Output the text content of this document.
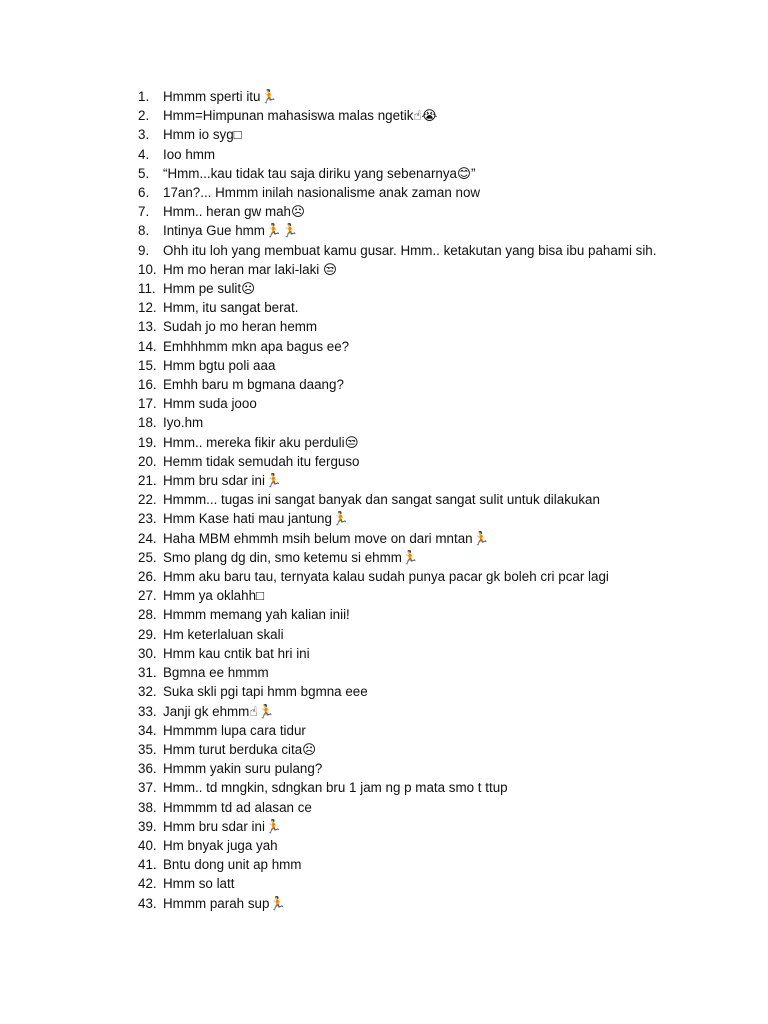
1.	Hmmm sperti itu🏃
2.	Hmm=Himpunan mahasiswa malas ngetik☝😭
3.	Hmm io syg□
4.	Ioo hmm
5.	“Hmm...kau tidak tau saja diriku yang sebenarnya😊”
6.	17an?... Hmmm inilah nasionalisme anak zaman now
7.	Hmm.. heran gw mah☹
8.	Intinya Gue hmm🏃🏃
9.	Ohh itu loh yang membuat kamu gusar. Hmm.. ketakutan yang bisa ibu pahami sih.
10. Hm mo heran mar laki-laki 😒
11. Hmm pe sulit☹
12. Hmm, itu sangat berat.
13. Sudah jo mo heran hemm
14. Emhhhmm mkn apa bagus ee?
15. Hmm bgtu poli aaa
16. Emhh baru m bgmana daang?
17. Hmm suda jooo
18. Iyo.hm
19. Hmm.. mereka fikir aku perduli😒
20. Hemm tidak semudah itu ferguso
21. Hmm bru sdar ini🏃
22. Hmmm... tugas ini sangat banyak dan sangat sangat sulit untuk dilakukan
23. Hmm Kase hati mau jantung🏃
24. Haha MBM ehmmh msih belum move on dari mntan🏃
25. Smo plang dg din, smo ketemu si ehmm🏃
26. Hmm aku baru tau, ternyata kalau sudah punya pacar gk boleh cri pcar lagi
27. Hmm ya oklahh□
28. Hmmm memang yah kalian inii!
29. Hm keterlaluan skali
30. Hmm kau cntik bat hri ini
31. Bgmna ee hmmm
32. Suka skli pgi tapi hmm bgmna eee
33. Janji gk ehmm☝🏃
34. Hmmmm lupa cara tidur
35. Hmm turut berduka cita☹
36. Hmmm yakin suru pulang?
37. Hmm.. td mngkin, sdngkan bru 1 jam ng p mata smo t ttup
38. Hmmmm td ad alasan ce
39. Hmm bru sdar ini🏃
40. Hm bnyak juga yah
41. Bntu dong unit ap hmm
42. Hmm so latt
43. Hmmm parah sup🏃
